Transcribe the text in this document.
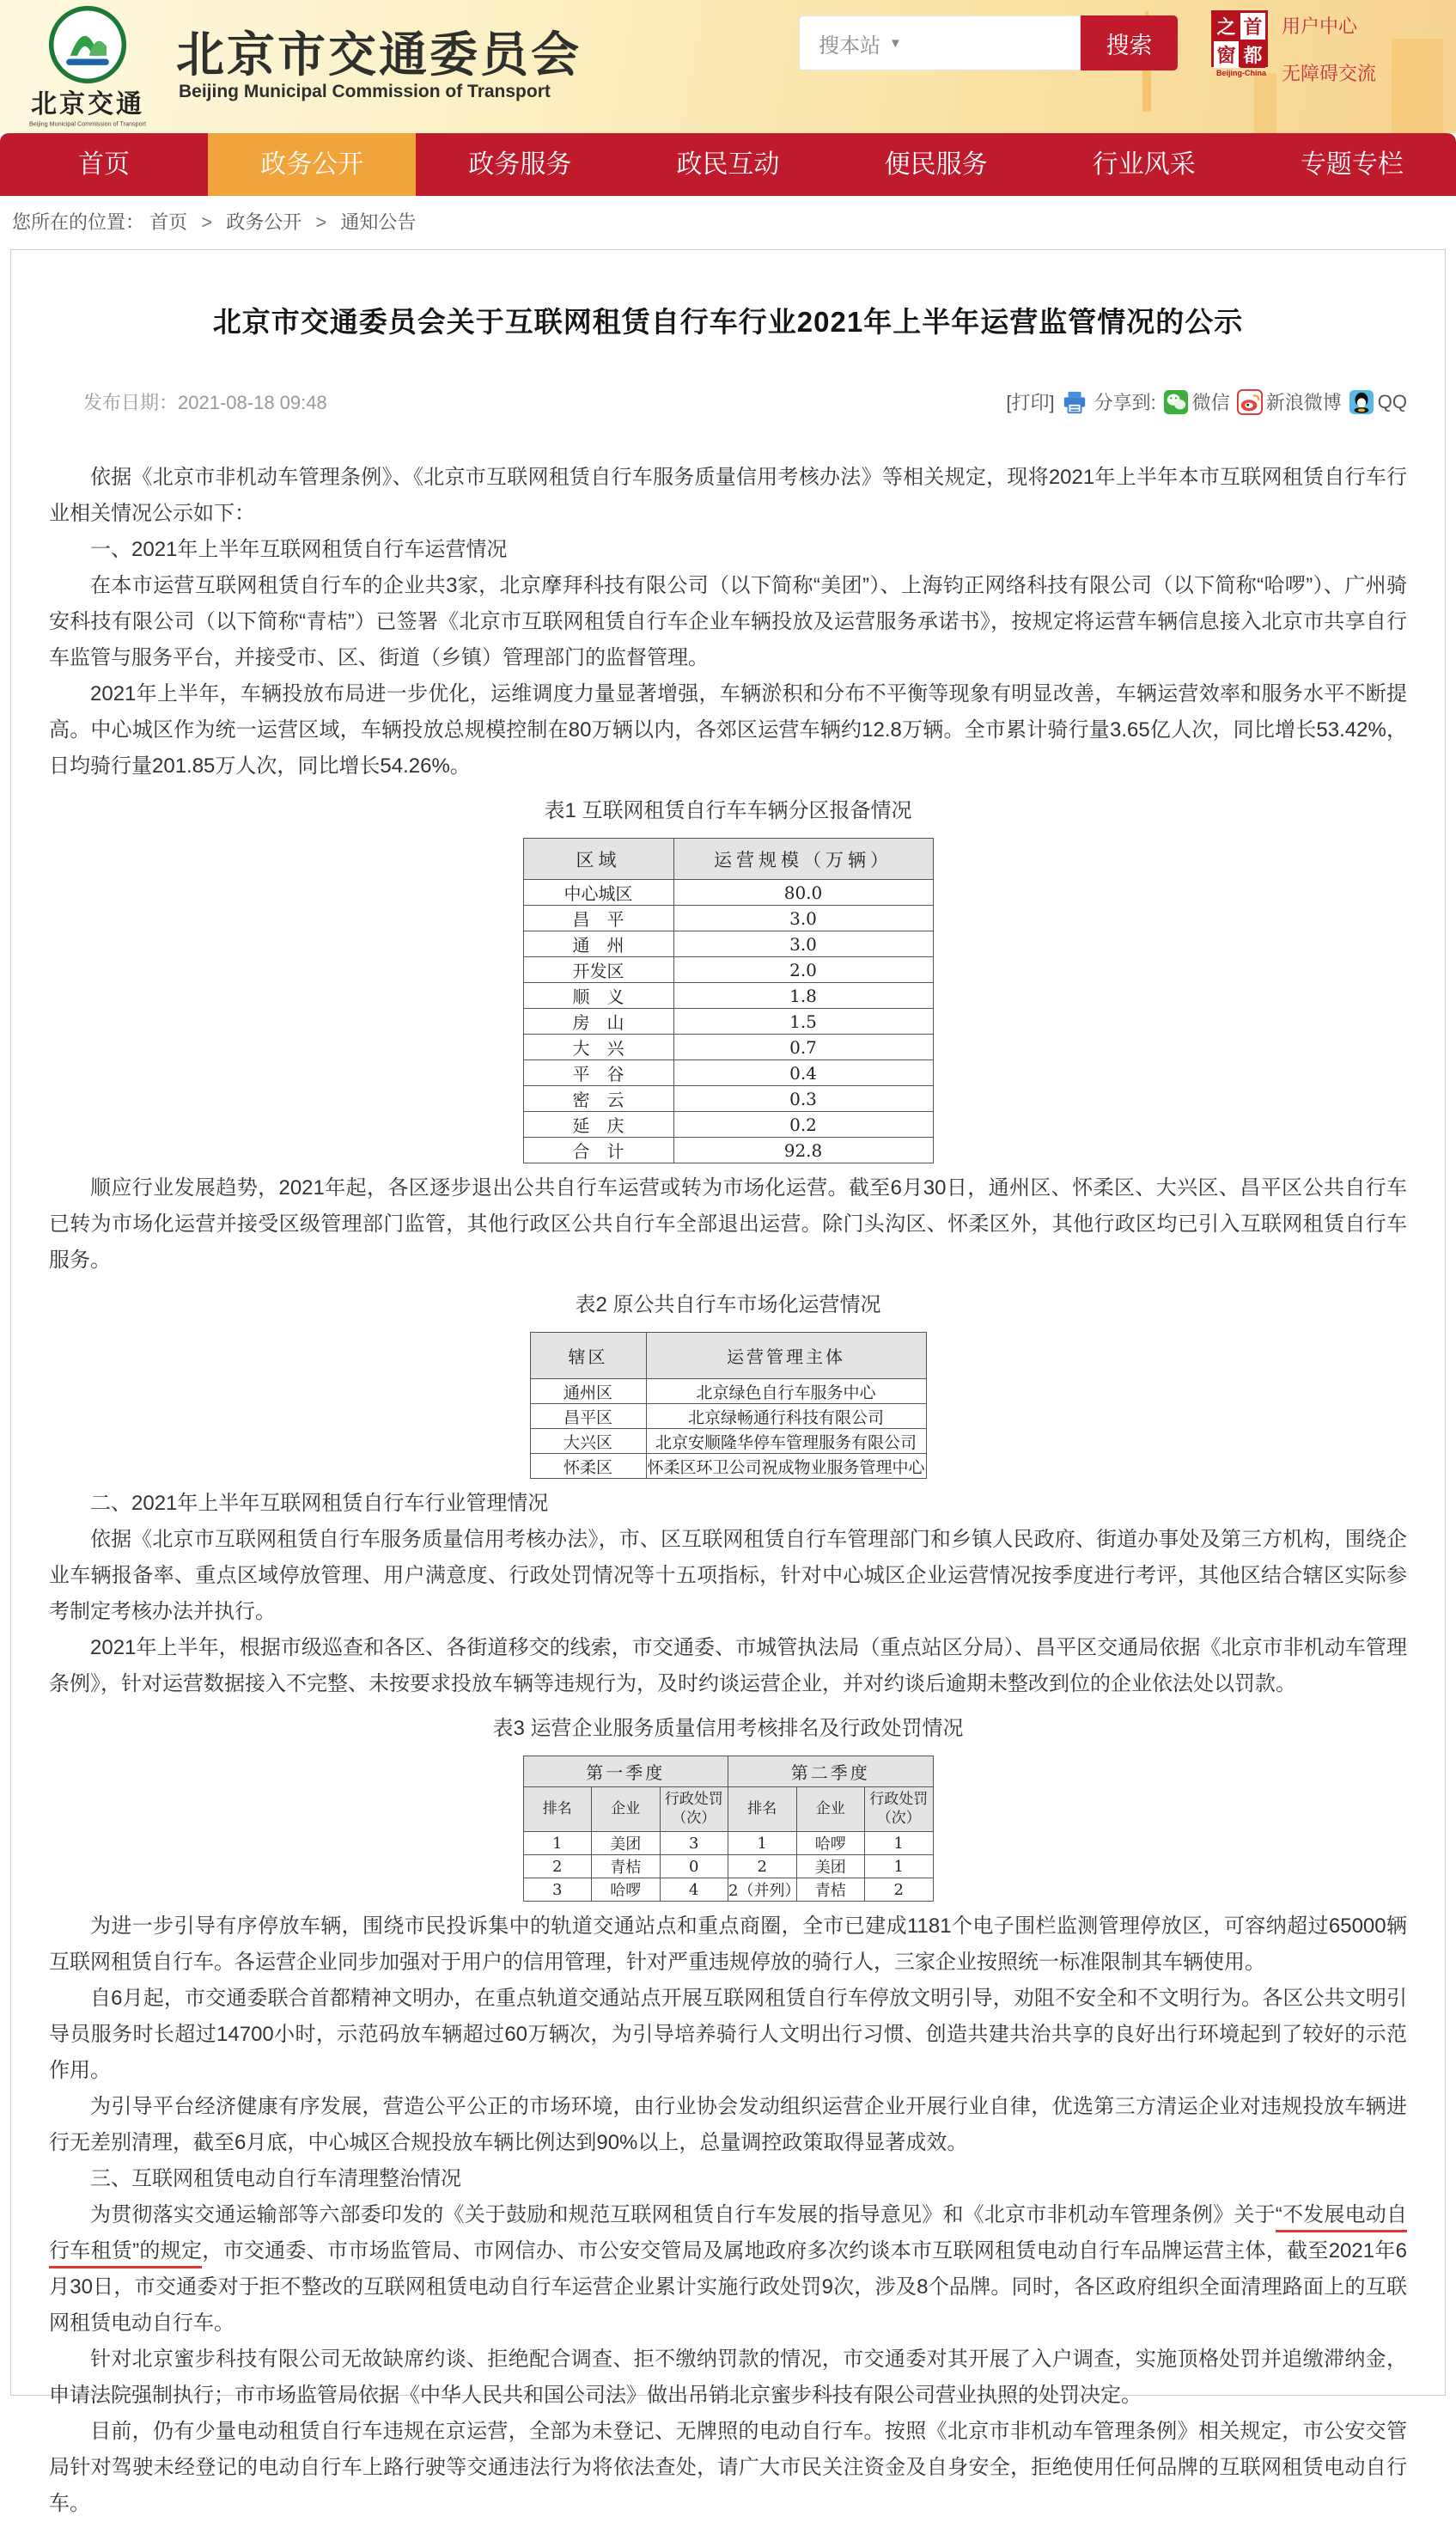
北京交通
Beijing Municipal Commission of Transport
北京市交通委员会
Beijing Municipal Commission of Transport
搜本站 ▼	搜索
之 首
窗 都
Beijing-China
用户中心
无障碍交流
首页	政务公开	政务服务	政民互动	便民服务	行业风采	专题专栏
您所在的位置： 首页 > 政务公开 > 通知公告
北京市交通委员会关于互联网租赁自行车行业2021年上半年运营监管情况的公示
发布日期：2021-08-18 09:48	[打印] 分享到: 微信 新浪微博 QQ

依据《北京市非机动车管理条例》、《北京市互联网租赁自行车服务质量信用考核办法》等相关规定，现将2021年上半年本市互联网租赁自行车行业相关情况公示如下：

一、2021年上半年互联网租赁自行车运营情况

在本市运营互联网租赁自行车的企业共3家，北京摩拜科技有限公司（以下简称“美团”）、上海钧正网络科技有限公司（以下简称“哈啰”）、广州骑安科技有限公司（以下简称“青桔”）已签署《北京市互联网租赁自行车企业车辆投放及运营服务承诺书》，按规定将运营车辆信息接入北京市共享自行车监管与服务平台，并接受市、区、街道（乡镇）管理部门的监督管理。

2021年上半年，车辆投放布局进一步优化，运维调度力量显著增强，车辆淤积和分布不平衡等现象有明显改善，车辆运营效率和服务水平不断提高。中心城区作为统一运营区域，车辆投放总规模控制在80万辆以内，各郊区运营车辆约12.8万辆。全市累计骑行量3.65亿人次，同比增长53.42%，日均骑行量201.85万人次，同比增长54.26%。

表1 互联网租赁自行车车辆分区报备情况

区域	运营规模（万辆）
中心城区	80.0
昌　平	3.0
通　州	3.0
开发区	2.0
顺　义	1.8
房　山	1.5
大　兴	0.7
平　谷	0.4
密　云	0.3
延　庆	0.2
合　计	92.8

顺应行业发展趋势，2021年起，各区逐步退出公共自行车运营或转为市场化运营。截至6月30日，通州区、怀柔区、大兴区、昌平区公共自行车已转为市场化运营并接受区级管理部门监管，其他行政区公共自行车全部退出运营。除门头沟区、怀柔区外，其他行政区均已引入互联网租赁自行车服务。

表2 原公共自行车市场化运营情况

辖区	运营管理主体
通州区	北京绿色自行车服务中心
昌平区	北京绿畅通行科技有限公司
大兴区	北京安顺隆华停车管理服务有限公司
怀柔区	怀柔区环卫公司祝成物业服务管理中心

二、2021年上半年互联网租赁自行车行业管理情况

依据《北京市互联网租赁自行车服务质量信用考核办法》，市、区互联网租赁自行车管理部门和乡镇人民政府、街道办事处及第三方机构，围绕企业车辆报备率、重点区域停放管理、用户满意度、行政处罚情况等十五项指标，针对中心城区企业运营情况按季度进行考评，其他区结合辖区实际参考制定考核办法并执行。

2021年上半年，根据市级巡查和各区、各街道移交的线索，市交通委、市城管执法局（重点站区分局）、昌平区交通局依据《北京市非机动车管理条例》，针对运营数据接入不完整、未按要求投放车辆等违规行为，及时约谈运营企业，并对约谈后逾期未整改到位的企业依法处以罚款。

表3 运营企业服务质量信用考核排名及行政处罚情况

第一季度			第二季度		
排名	企业	行政处罚 （次）	排名	企业	行政处罚 （次）
1	美团	3	1	哈啰	1
2	青桔	0	2	美团	1
3	哈啰	4	2（并列）	青桔	2

为进一步引导有序停放车辆，围绕市民投诉集中的轨道交通站点和重点商圈，全市已建成1181个电子围栏监测管理停放区，可容纳超过65000辆互联网租赁自行车。各运营企业同步加强对于用户的信用管理，针对严重违规停放的骑行人，三家企业按照统一标准限制其车辆使用。

自6月起，市交通委联合首都精神文明办，在重点轨道交通站点开展互联网租赁自行车停放文明引导，劝阻不安全和不文明行为。各区公共文明引导员服务时长超过14700小时，示范码放车辆超过60万辆次，为引导培养骑行人文明出行习惯、创造共建共治共享的良好出行环境起到了较好的示范作用。

为引导平台经济健康有序发展，营造公平公正的市场环境，由行业协会发动组织运营企业开展行业自律，优选第三方清运企业对违规投放车辆进行无差别清理，截至6月底，中心城区合规投放车辆比例达到90%以上，总量调控政策取得显著成效。

三、互联网租赁电动自行车清理整治情况

为贯彻落实交通运输部等六部委印发的《关于鼓励和规范互联网租赁自行车发展的指导意见》和《北京市非机动车管理条例》关于“不发展电动自行车租赁”的规定，市交通委、市市场监管局、市网信办、市公安交管局及属地政府多次约谈本市互联网租赁电动自行车品牌运营主体，截至2021年6月30日，市交通委对于拒不整改的互联网租赁电动自行车运营企业累计实施行政处罚9次，涉及8个品牌。同时，各区政府组织全面清理路面上的互联网租赁电动自行车。

针对北京蜜步科技有限公司无故缺席约谈、拒绝配合调查、拒不缴纳罚款的情况，市交通委对其开展了入户调查，实施顶格处罚并追缴滞纳金，申请法院强制执行；市市场监管局依据《中华人民共和国公司法》做出吊销北京蜜步科技有限公司营业执照的处罚决定。

目前，仍有少量电动租赁自行车违规在京运营，全部为未登记、无牌照的电动自行车。按照《北京市非机动车管理条例》相关规定，市公安交管局针对驾驶未经登记的电动自行车上路行驶等交通违法行为将依法查处，请广大市民关注资金及自身安全，拒绝使用任何品牌的互联网租赁电动自行车。
